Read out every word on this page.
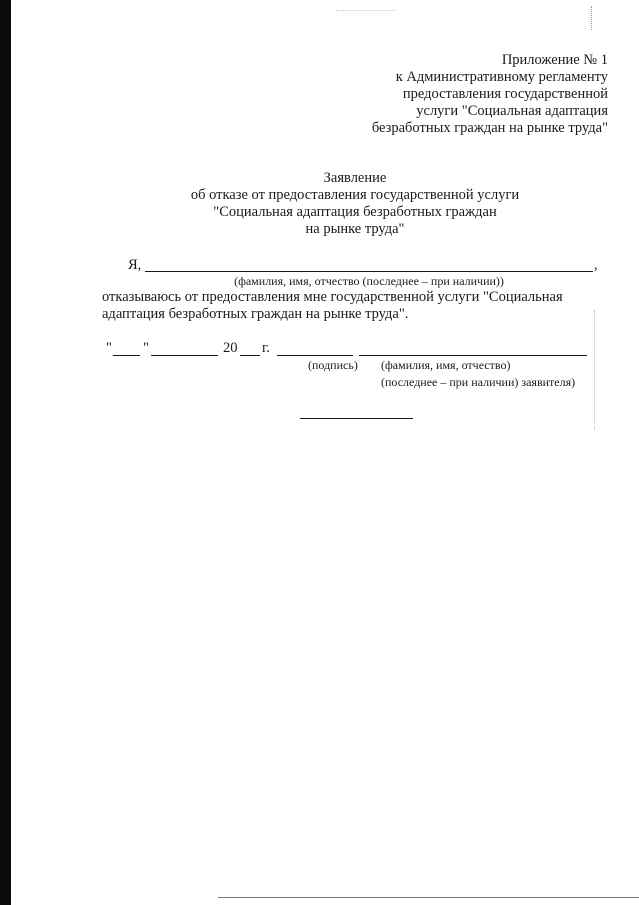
Приложение № 1
к Административному регламенту
предоставления государственной
услуги "Социальная адаптация
безработных граждан на рынке труда"
Заявление
об отказе от предоставления государственной услуги
"Социальная адаптация безработных граждан
на рынке труда"
Я,	,
(фамилия, имя, отчество (последнее – при наличии))
отказываюсь от предоставления мне государственной услуги "Социальная
адаптация безработных граждан на рынке труда".
" "	20 г.
(подпись) (фамилия, имя, отчество)
(последнее – при наличии) заявителя)
